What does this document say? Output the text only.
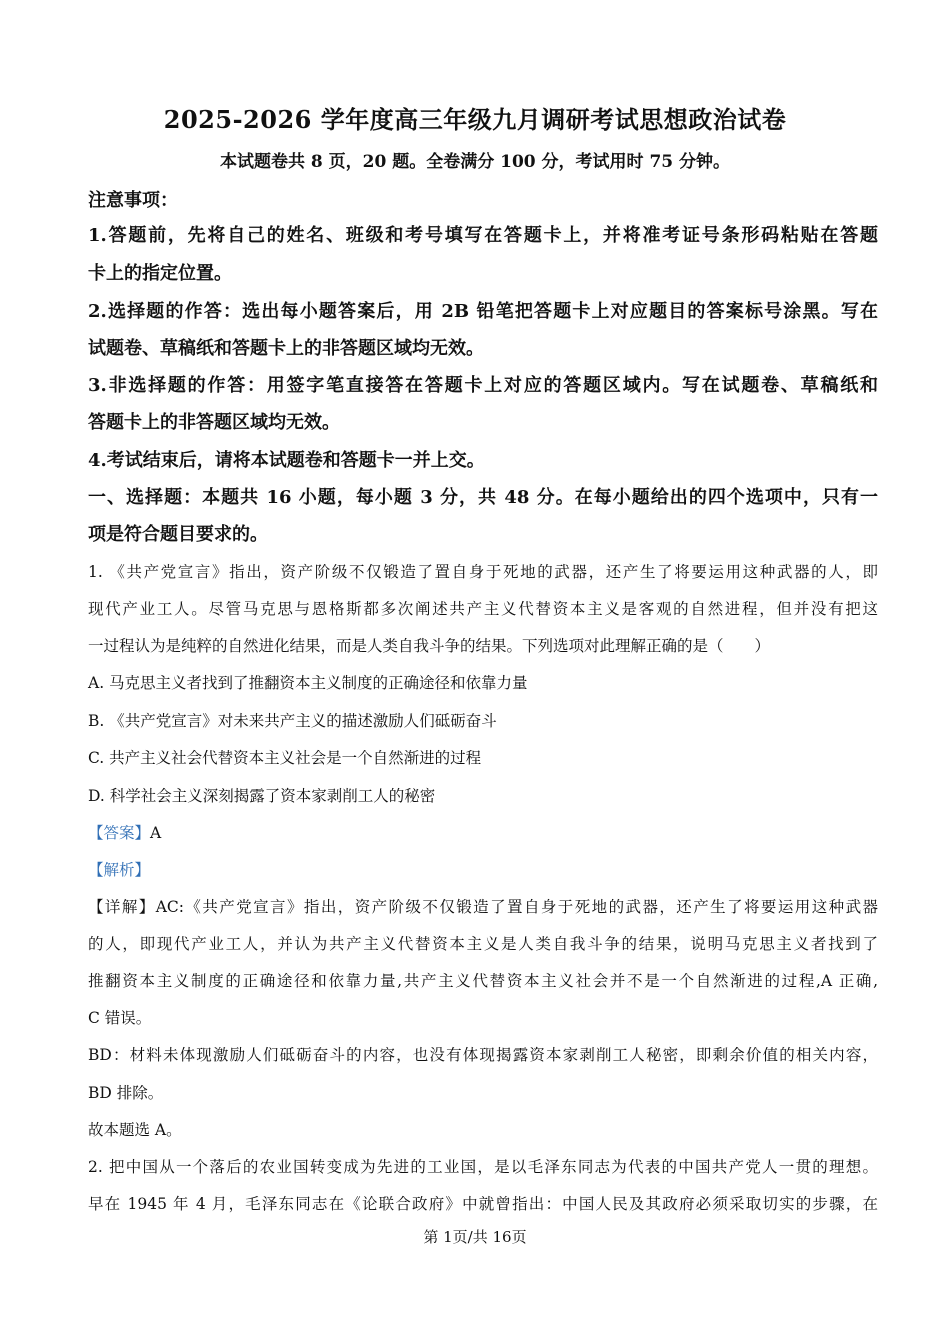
2025-2026 学年度高三年级九月调研考试思想政治试卷
本试题卷共 8 页，20 题。全卷满分 100 分，考试用时 75 分钟。
注意事项：
1.答题前，先将自己的姓名、班级和考号填写在答题卡上，并将准考证号条形码粘贴在答题
卡上的指定位置。
2.选择题的作答：选出每小题答案后，用 2B 铅笔把答题卡上对应题目的答案标号涂黑。写在
试题卷、草稿纸和答题卡上的非答题区域均无效。
3.非选择题的作答：用签字笔直接答在答题卡上对应的答题区域内。写在试题卷、草稿纸和
答题卡上的非答题区域均无效。
4.考试结束后，请将本试题卷和答题卡一并上交。
一、选择题：本题共 16 小题，每小题 3 分，共 48 分。在每小题给出的四个选项中，只有一
项是符合题目要求的。
1. 《共产党宣言》指出，资产阶级不仅锻造了置自身于死地的武器，还产生了将要运用这种武器的人，即
现代产业工人。尽管马克思与恩格斯都多次阐述共产主义代替资本主义是客观的自然进程，但并没有把这
一过程认为是纯粹的自然进化结果，而是人类自我斗争的结果。下列选项对此理解正确的是（　　）
A. 马克思主义者找到了推翻资本主义制度的正确途径和依靠力量
B. 《共产党宣言》对未来共产主义的描述激励人们砥砺奋斗
C. 共产主义社会代替资本主义社会是一个自然渐进的过程
D. 科学社会主义深刻揭露了资本家剥削工人的秘密
【答案】A
【解析】
【详解】AC:《共产党宣言》指出，资产阶级不仅锻造了置自身于死地的武器，还产生了将要运用这种武器
的人，即现代产业工人，并认为共产主义代替资本主义是人类自我斗争的结果，说明马克思主义者找到了
推翻资本主义制度的正确途径和依靠力量,共产主义代替资本主义社会并不是一个自然渐进的过程,A 正确,
C 错误。
BD：材料未体现激励人们砥砺奋斗的内容，也没有体现揭露资本家剥削工人秘密，即剩余价值的相关内容，
BD 排除。
故本题选 A。
2. 把中国从一个落后的农业国转变成为先进的工业国，是以毛泽东同志为代表的中国共产党人一贯的理想。
早在 1945 年 4 月，毛泽东同志在《论联合政府》中就曾指出：中国人民及其政府必须采取切实的步骤，在
第 1页/共 16页
